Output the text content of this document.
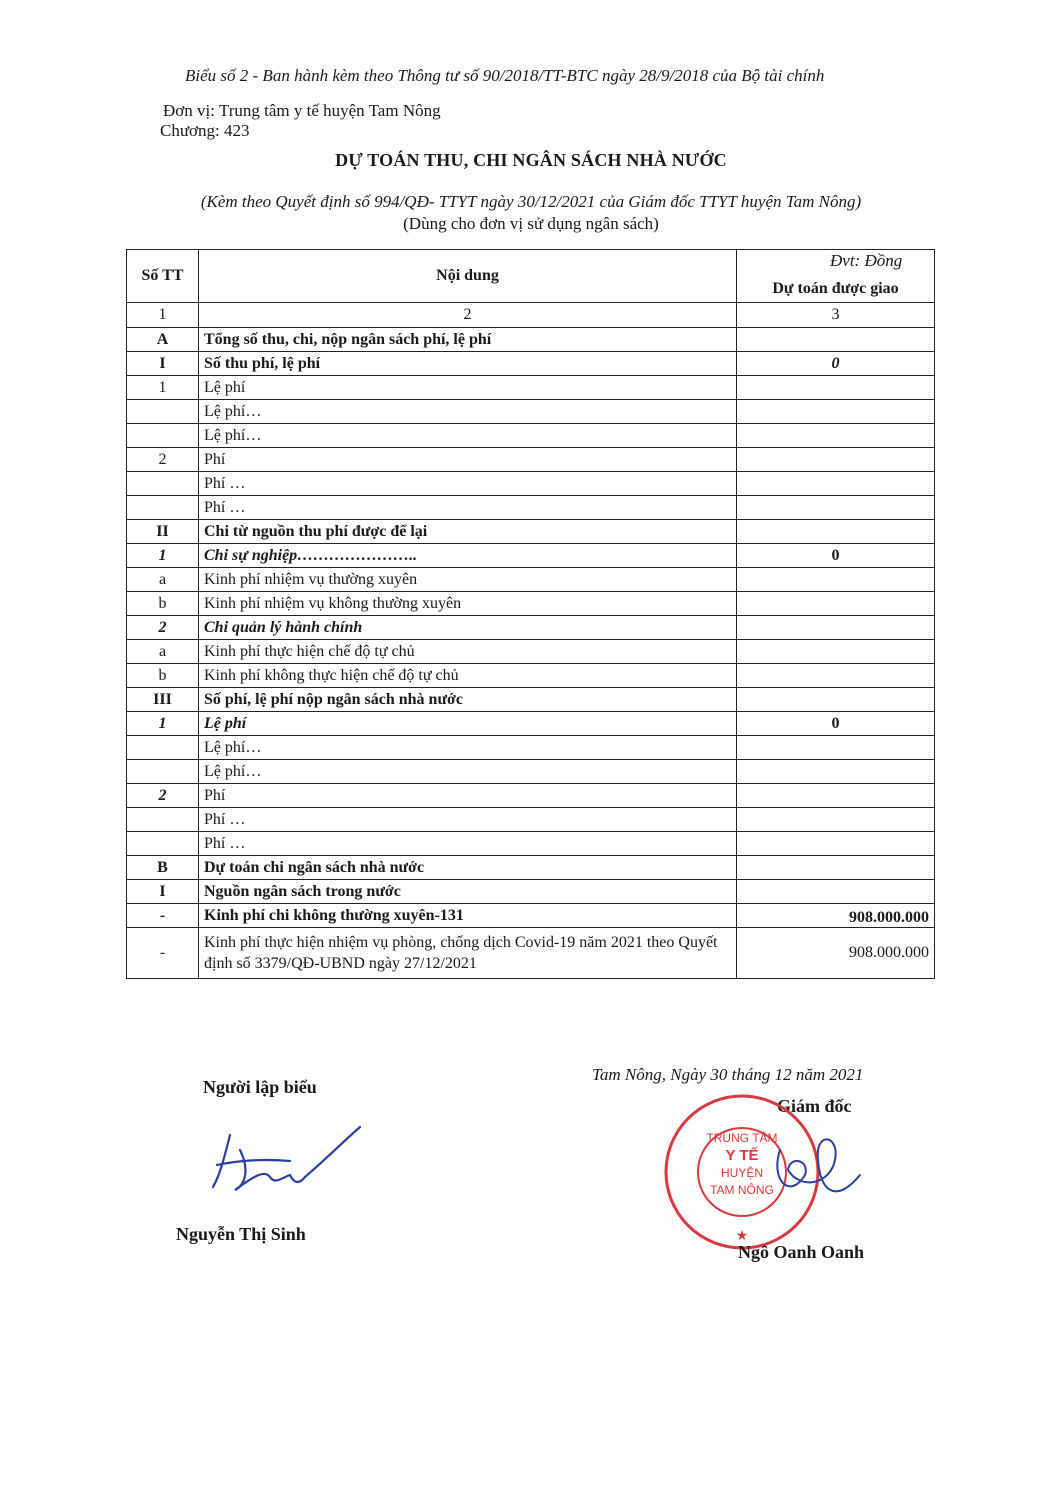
Biểu số 2 - Ban hành kèm theo Thông tư số 90/2018/TT-BTC ngày 28/9/2018 của Bộ tài chính
Đơn vị: Trung tâm y tế huyện Tam Nông
Chương: 423
DỰ TOÁN THU, CHI NGÂN SÁCH NHÀ NƯỚC
(Kèm theo Quyết định số 994/QĐ- TTYT ngày 30/12/2021 của Giám đốc TTYT huyện Tam Nông)
(Dùng cho đơn vị sử dụng ngân sách)
Đvt: Đồng
Số TT	Nội dung	Dự toán được giao
1	2	3
A	Tổng số thu, chi, nộp ngân sách phí, lệ phí	
I	Số thu phí, lệ phí	0
1	Lệ phí	
	Lệ phí…	
	Lệ phí…	
2	Phí	
	Phí …	
	Phí …	
II	Chi từ nguồn thu phí được để lại	
1	Chi sự nghiệp…………………..	0
a	Kinh phí nhiệm vụ thường xuyên	
b	Kinh phí nhiệm vụ không thường xuyên	
2	Chi quản lý hành chính	
a	Kinh phí thực hiện chế độ tự chủ	
b	Kinh phí không thực hiện chế độ tự chủ	
III	Số phí, lệ phí nộp ngân sách nhà nước	
1	Lệ phí	0
	Lệ phí…	
	Lệ phí…	
2	Phí	
	Phí …	
	Phí …	
B	Dự toán chi ngân sách nhà nước	
I	Nguồn ngân sách trong nước	
-	Kinh phí chi không thường xuyên-131	908.000.000
-	Kinh phí thực hiện nhiệm vụ phòng, chống dịch Covid-19 năm 2021 theo Quyết định số 3379/QĐ-UBND ngày 27/12/2021	908.000.000
Tam Nông, Ngày 30 tháng 12 năm 2021
Người lập biểu
Giám đốc
TRUNG TÂM
Y TẾ
HUYỆN
TAM NÔNG
★
Nguyễn Thị Sinh
Ngô Oanh Oanh
